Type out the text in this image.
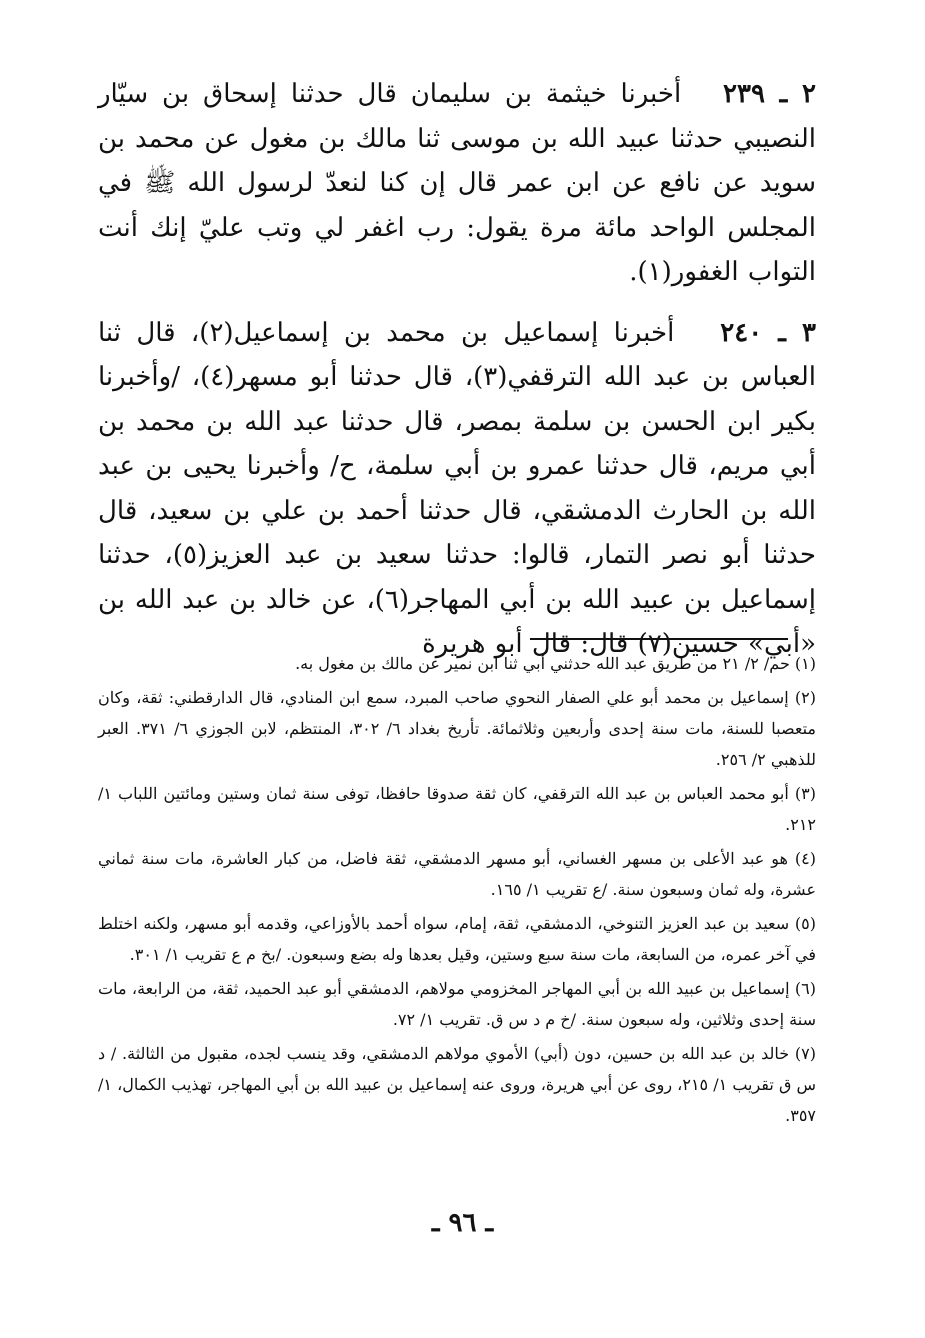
٢ ـ ٢٣٩   أخبرنا خيثمة بن سليمان قال حدثنا إسحاق بن سيّار النصيبي حدثنا عبيد الله بن موسى ثنا مالك بن مغول عن محمد بن سويد عن نافع عن ابن عمر قال إن كنا لنعدّ لرسول الله ﷺ في المجلس الواحد مائة مرة يقول: رب اغفر لي وتب عليّ إنك أنت التواب الغفور(١).

٣ ـ ٢٤٠   أخبرنا إسماعيل بن محمد بن إسماعيل(٢)، قال ثنا العباس بن عبد الله الترقفي(٣)، قال حدثنا أبو مسهر(٤)، /وأخبرنا بكير ابن الحسن بن سلمة بمصر، قال حدثنا عبد الله بن محمد بن أبي مريم، قال حدثنا عمرو بن أبي سلمة، ح/ وأخبرنا يحيى بن عبد الله بن الحارث الدمشقي، قال حدثنا أحمد بن علي بن سعيد، قال حدثنا أبو نصر التمار، قالوا: حدثنا سعيد بن عبد العزيز(٥)، حدثنا إسماعيل بن عبيد الله بن أبي المهاجر(٦)، عن خالد بن عبد الله بن «أبي» حسين(٧) قال: قال أبو هريرة

(١) حم/ ٢/ ٢١ من طريق عبد الله حدثني أبي ثنا ابن نمير عن مالك بن مغول به.

(٢) إسماعيل بن محمد أبو علي الصفار النحوي صاحب المبرد، سمع ابن المنادي، قال الدارقطني: ثقة، وكان متعصبا للسنة، مات سنة إحدى وأربعين وثلاثمائة. تأريخ بغداد ٦/ ٣٠٢، المنتظم، لابن الجوزي ٦/ ٣٧١. العبر للذهبي ٢/ ٢٥٦.

(٣) أبو محمد العباس بن عبد الله الترقفي، كان ثقة صدوقا حافظا، توفى سنة ثمان وستين ومائتين اللباب ١/ ٢١٢.

(٤) هو عبد الأعلى بن مسهر الغساني، أبو مسهر الدمشقي، ثقة فاضل، من كبار العاشرة، مات سنة ثماني عشرة، وله ثمان وسبعون سنة. /ع تقريب ١/ ١٦٥.

(٥) سعيد بن عبد العزيز التنوخي، الدمشقي، ثقة، إمام، سواه أحمد بالأوزاعي، وقدمه أبو مسهر، ولكنه اختلط في آخر عمره، من السابعة، مات سنة سبع وستين، وقيل بعدها وله بضع وسبعون. /بخ م ع تقريب ١/ ٣٠١.

(٦) إسماعيل بن عبيد الله بن أبي المهاجر المخزومي مولاهم، الدمشقي أبو عبد الحميد، ثقة، من الرابعة، مات سنة إحدى وثلاثين، وله سبعون سنة. /خ م د س ق. تقريب ١/ ٧٢.

(٧) خالد بن عبد الله بن حسين، دون (أبي) الأموي مولاهم الدمشقي، وقد ينسب لجده، مقبول من الثالثة. / د س ق تقريب ١/ ٢١٥، روى عن أبي هريرة، وروى عنه إسماعيل بن عبيد الله بن أبي المهاجر، تهذيب الكمال، ١/ ٣٥٧.

ـ ٩٦ ـ
